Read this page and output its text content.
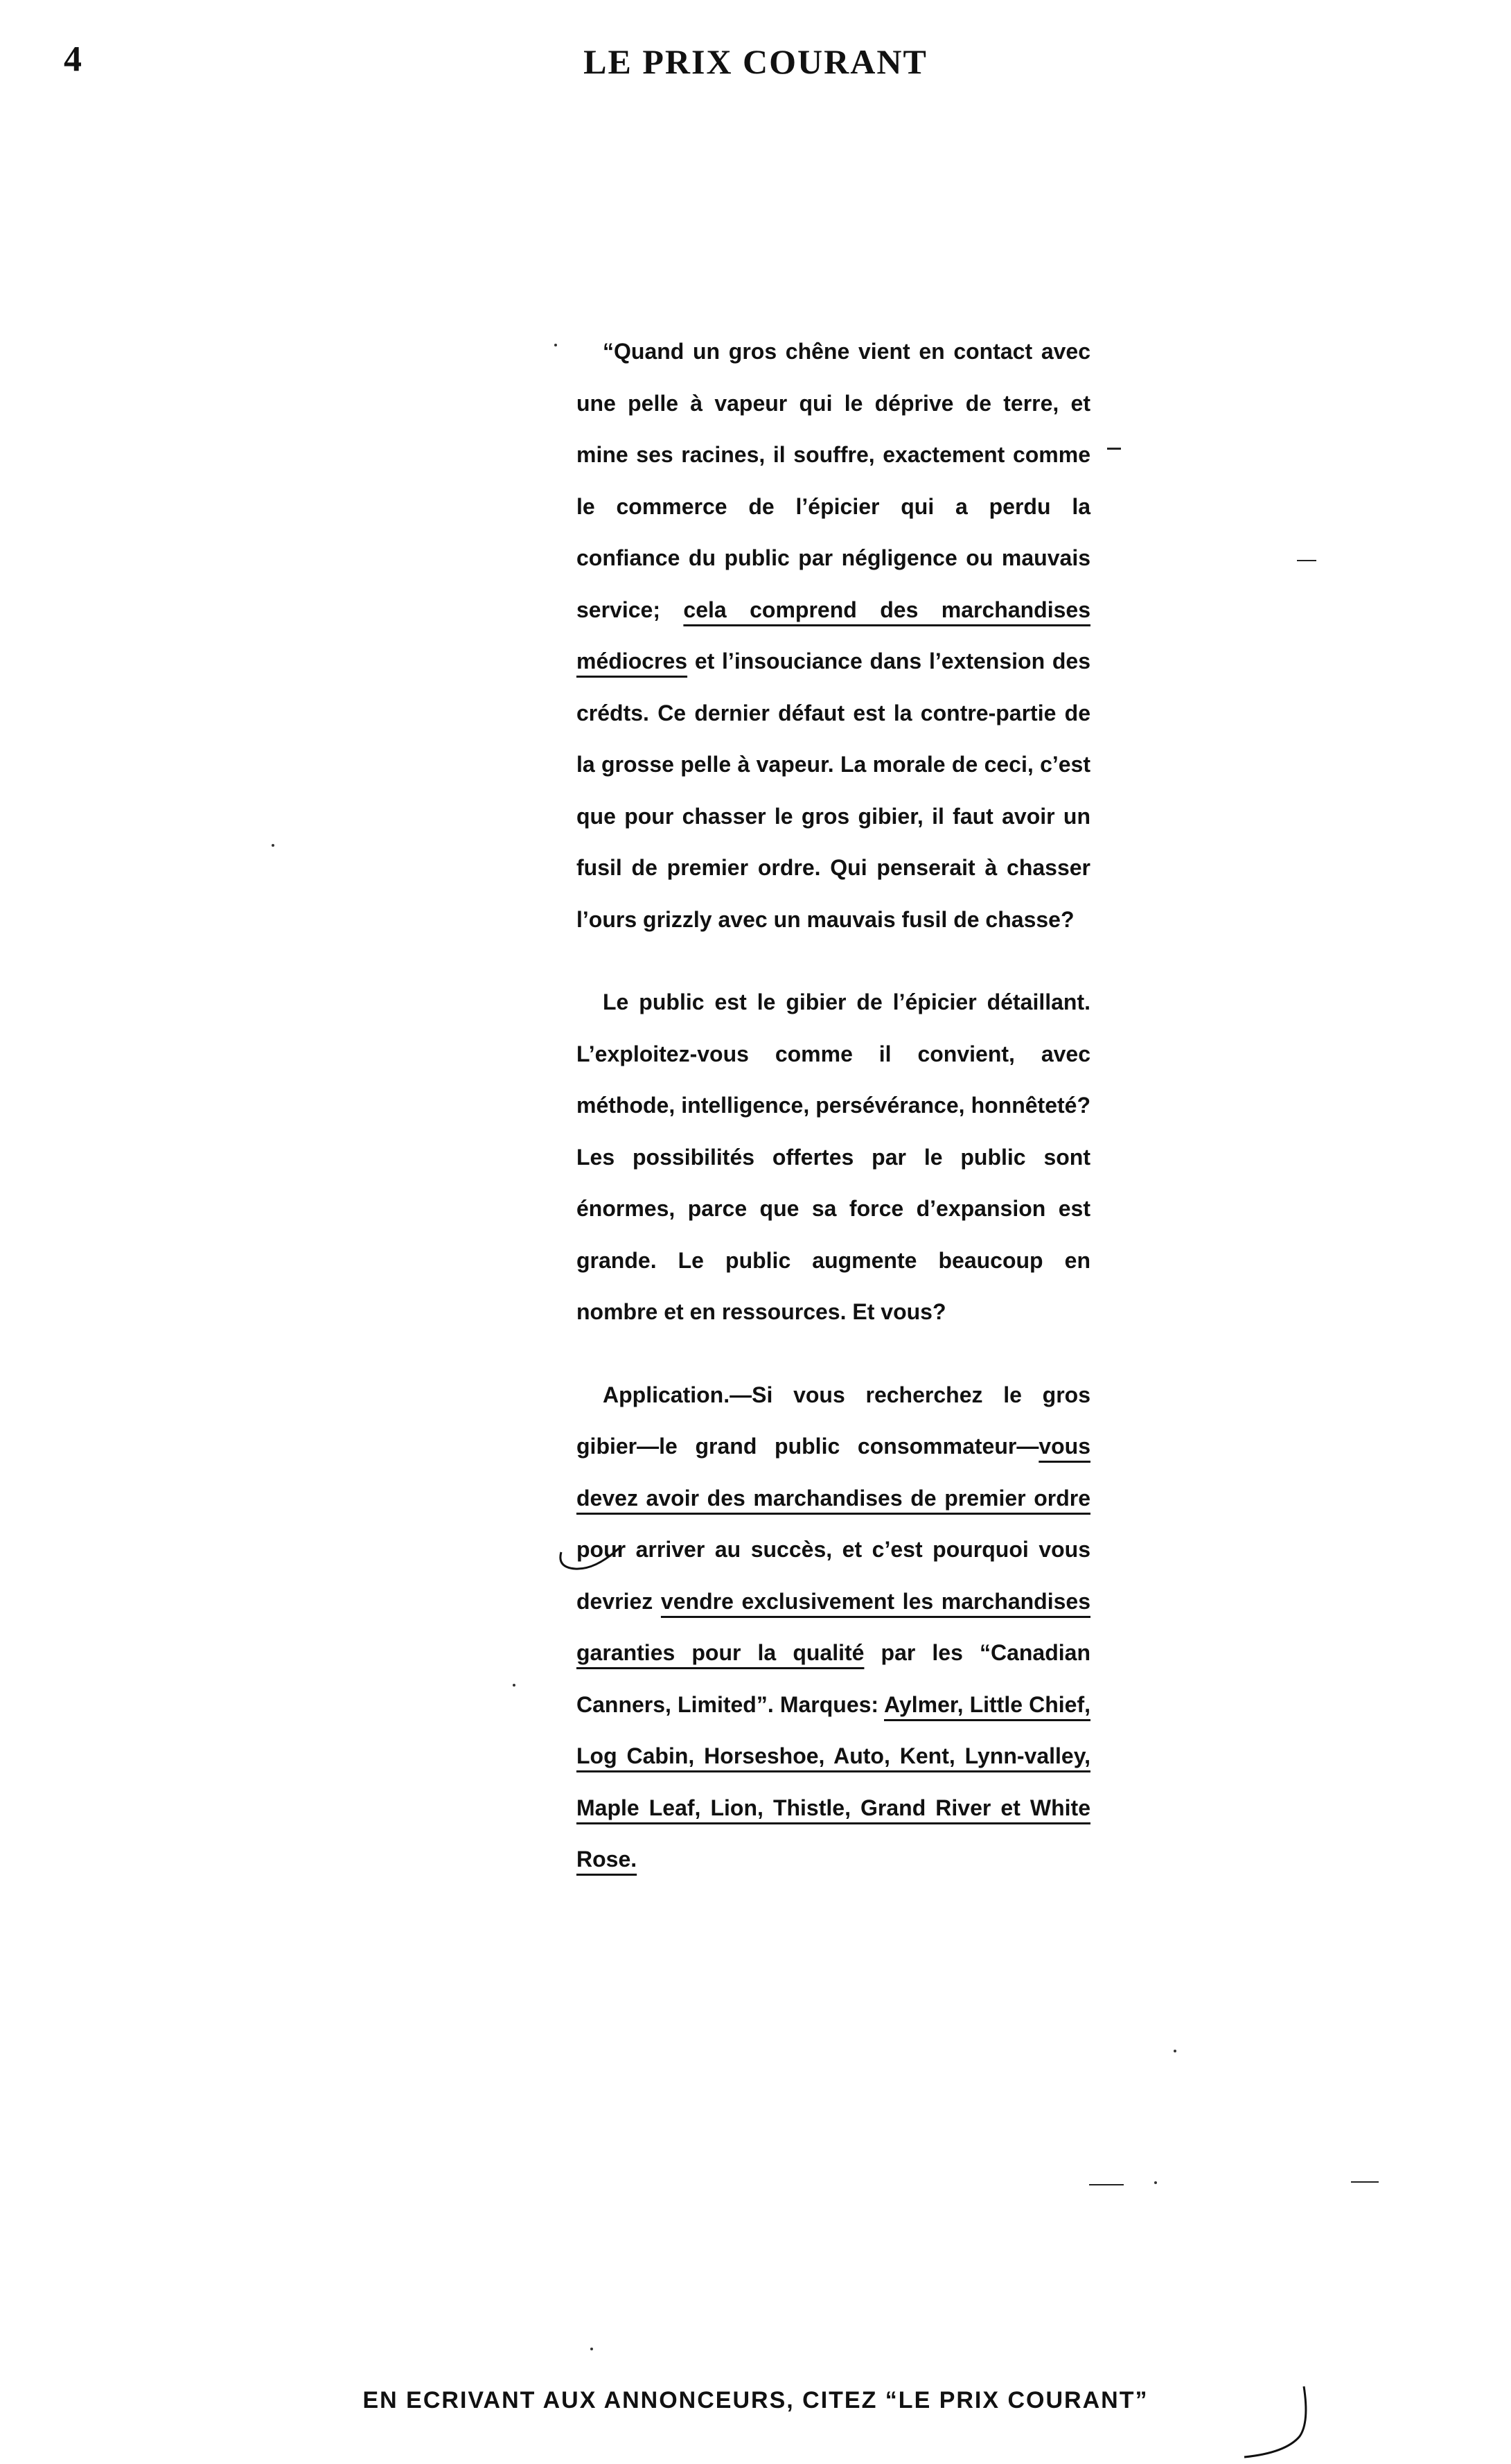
4	LE PRIX COURANT

“Quand un gros chêne vient en contact avec une pelle à vapeur qui le déprive de terre, et mine ses racines, il souffre, exactement comme le commerce de l’épicier qui a perdu la confiance du public par négligence ou mauvais service; cela comprend des marchandises médiocres et l’insouciance dans l’extension des crédts. Ce dernier défaut est la contre-partie de la grosse pelle à vapeur. La morale de ceci, c’est que pour chasser le gros gibier, il faut avoir un fusil de premier ordre. Qui penserait à chasser l’ours grizzly avec un mauvais fusil de chasse?

Le public est le gibier de l’épicier détaillant. L’exploitez-vous comme il convient, avec méthode, intelligence, persévérance, honnêteté? Les possibilités offertes par le public sont énormes, parce que sa force d’expansion est grande. Le public augmente beaucoup en nombre et en ressources. Et vous?

Application.—Si vous recherchez le gros gibier—le grand public consommateur—vous devez avoir des marchandises de premier ordre pour arriver au succès, et c’est pourquoi vous devriez vendre exclusivement les marchandises garanties pour la qualité par les “Canadian Canners, Limited”. Marques: Aylmer, Little Chief, Log Cabin, Horseshoe, Auto, Kent, Lynn-valley, Maple Leaf, Lion, Thistle, Grand River et White Rose.

EN ECRIVANT AUX ANNONCEURS, CITEZ “LE PRIX COURANT”
